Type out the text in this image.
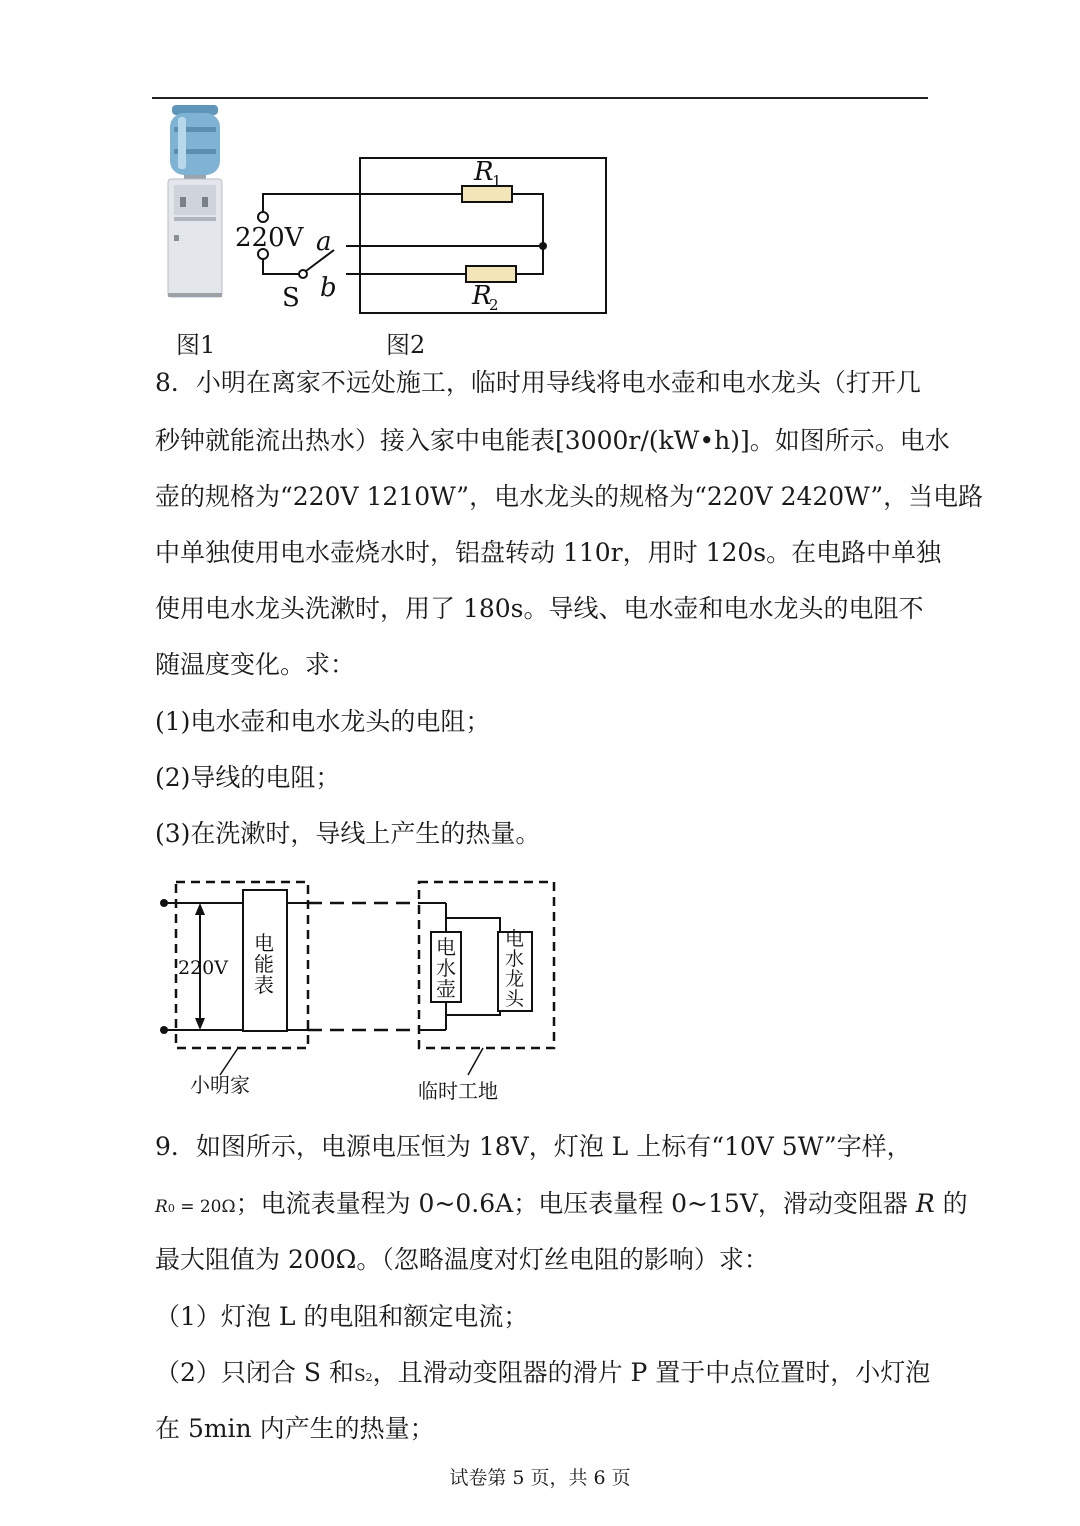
图1
220V a
b
S
R
1
R
2
图2
8．小明在离家不远处施工，临时用导线将电水壶和电水龙头（打开几
秒钟就能流出热水）接入家中电能表[3000r/(kW•h)]。如图所示。电水
壶的规格为“220V 1210W”，电水龙头的规格为“220V 2420W”，当电路
中单独使用电水壶烧水时，铝盘转动 110r，用时 120s。在电路中单独
使用电水龙头洗漱时，用了 180s。导线、电水壶和电水龙头的电阻不
随温度变化。求：
(1)电水壶和电水龙头的电阻；
(2)导线的电阻；
(3)在洗漱时，导线上产生的热量。
220V
电
能
表
电
水
壶
电
水
龙
头
小明家	临时工地
9．如图所示，电源电压恒为 18V，灯泡 L 上标有“10V 5W”字样，
R0 = 20Ω；电流表量程为 0~0.6A；电压表量程 0~15V，滑动变阻器 R 的
最大阻值为 200Ω。（忽略温度对灯丝电阻的影响）求：
（1）灯泡 L 的电阻和额定电流；
（2）只闭合 S 和S2，且滑动变阻器的滑片 P 置于中点位置时，小灯泡
在 5min 内产生的热量；
试卷第 5 页，共 6 页
